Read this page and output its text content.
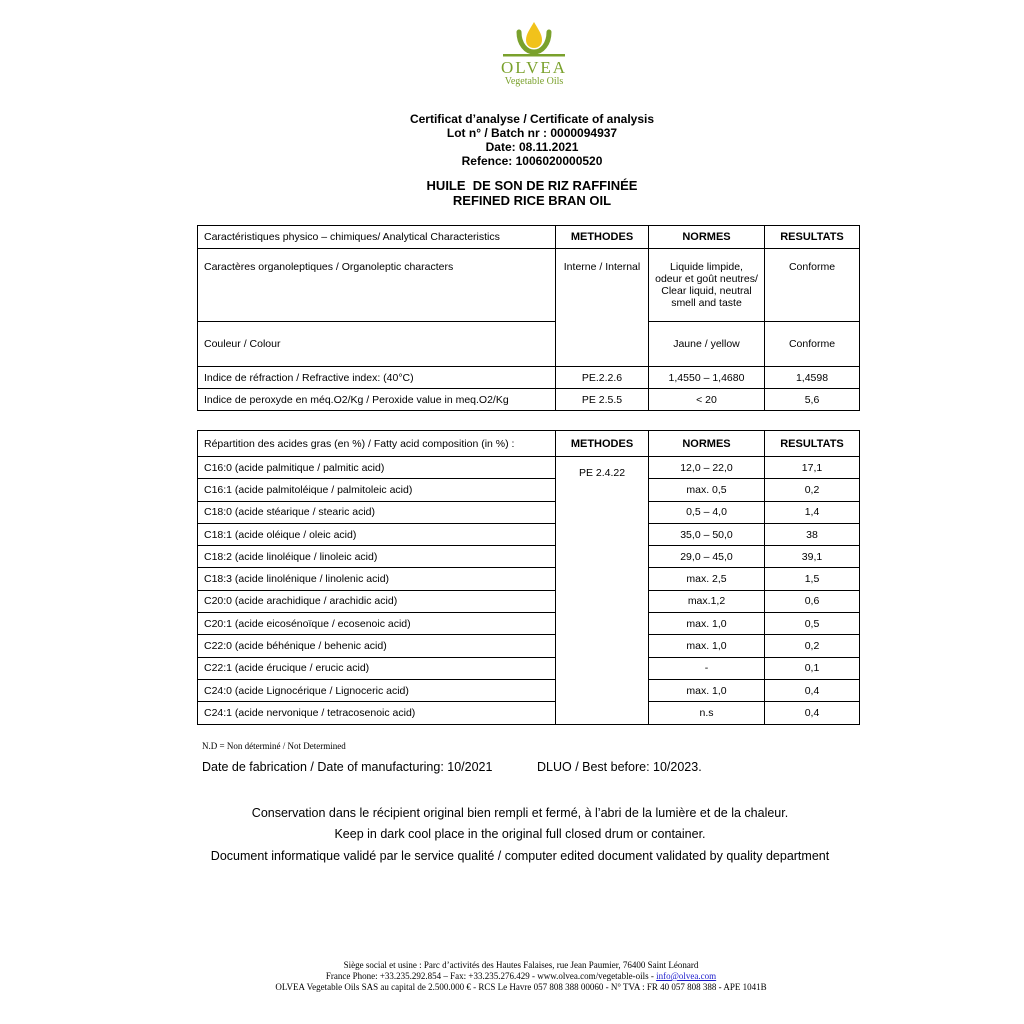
OLVEA
Vegetable Oils
Certificat d’analyse / Certificate of analysis
Lot n° / Batch nr : 0000094937
Date: 08.11.2021
Refence: 1006020000520
HUILE  DE SON DE RIZ RAFFINÉE
REFINED RICE BRAN OIL
Caractéristiques physico – chimiques/ Analytical Characteristics	METHODES	NORMES	RESULTATS
Caractères organoleptiques / Organoleptic characters	Interne / Internal	Liquide limpide,
odeur et goût neutres/
Clear liquid, neutral
smell and taste	Conforme
Couleur / Colour		Jaune / yellow	Conforme
Indice de réfraction / Refractive index: (40°C)	PE.2.2.6	1,4550 – 1,4680	1,4598
Indice de peroxyde en méq.O2/Kg / Peroxide value in meq.O2/Kg	PE 2.5.5	< 20	5,6
Répartition des acides gras (en %) / Fatty acid composition (in %) :	METHODES	NORMES	RESULTATS
C16:0 (acide palmitique / palmitic acid)	PE 2.4.22	12,0 – 22,0	17,1
C16:1 (acide palmitoléique / palmitoleic acid)		max. 0,5	0,2
C18:0 (acide stéarique / stearic acid)		0,5 – 4,0	1,4
C18:1 (acide oléique / oleic acid)		35,0 – 50,0	38
C18:2 (acide linoléique / linoleic acid)		29,0 – 45,0	39,1
C18:3 (acide linolénique / linolenic acid)		max. 2,5	1,5
C20:0 (acide arachidique / arachidic acid)		max.1,2	0,6
C20:1 (acide eicosénoïque / ecosenoic acid)		max. 1,0	0,5
C22:0 (acide béhénique / behenic acid)		max. 1,0	0,2
C22:1 (acide érucique / erucic acid)		-	0,1
C24:0 (acide Lignocérique / Lignoceric acid)		max. 1,0	0,4
C24:1 (acide nervonique / tetracosenoic acid)		n.s	0,4
N.D = Non déterminé / Not Determined
Date de fabrication / Date of manufacturing: 10/2021	DLUO / Best before: 10/2023.
Conservation dans le récipient original bien rempli et fermé, à l’abri de la lumière et de la chaleur.
Keep in dark cool place in the original full closed drum or container.
Document informatique validé par le service qualité / computer edited document validated by quality department
Siège social et usine : Parc d’activités des Hautes Falaises, rue Jean Paumier, 76400 Saint Léonard
France Phone: +33.235.292.854 – Fax: +33.235.276.429 - www.olvea.com/vegetable-oils - info@olvea.com
OLVEA Vegetable Oils SAS au capital de 2.500.000 € - RCS Le Havre 057 808 388 00060 - N° TVA : FR 40 057 808 388 - APE 1041B
